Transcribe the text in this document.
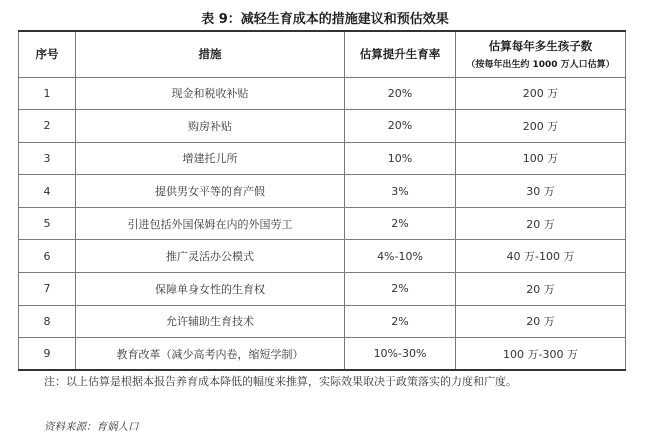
表 9：减轻生育成本的措施建议和预估效果
序号	措施	估算提升生育率	估算每年多生孩子数
（按每年出生约 1000 万人口估算）

1	现金和税收补贴	20%	200 万
2	购房补贴	20%	200 万
3	增建托儿所	10%	100 万
4	提供男女平等的育产假	3%	30 万
5	引进包括外国保姆在内的外国劳工	2%	20 万
6	推广灵活办公模式	4%-10%	40 万-100 万
7	保障单身女性的生育权	2%	20 万
8	允许辅助生育技术	2%	20 万
9	教育改革（减少高考内卷，缩短学制）	10%-30%	100 万-300 万
注：以上估算是根据本报告养育成本降低的幅度来推算，实际效果取决于政策落实的力度和广度。
资料来源：育娲人口
